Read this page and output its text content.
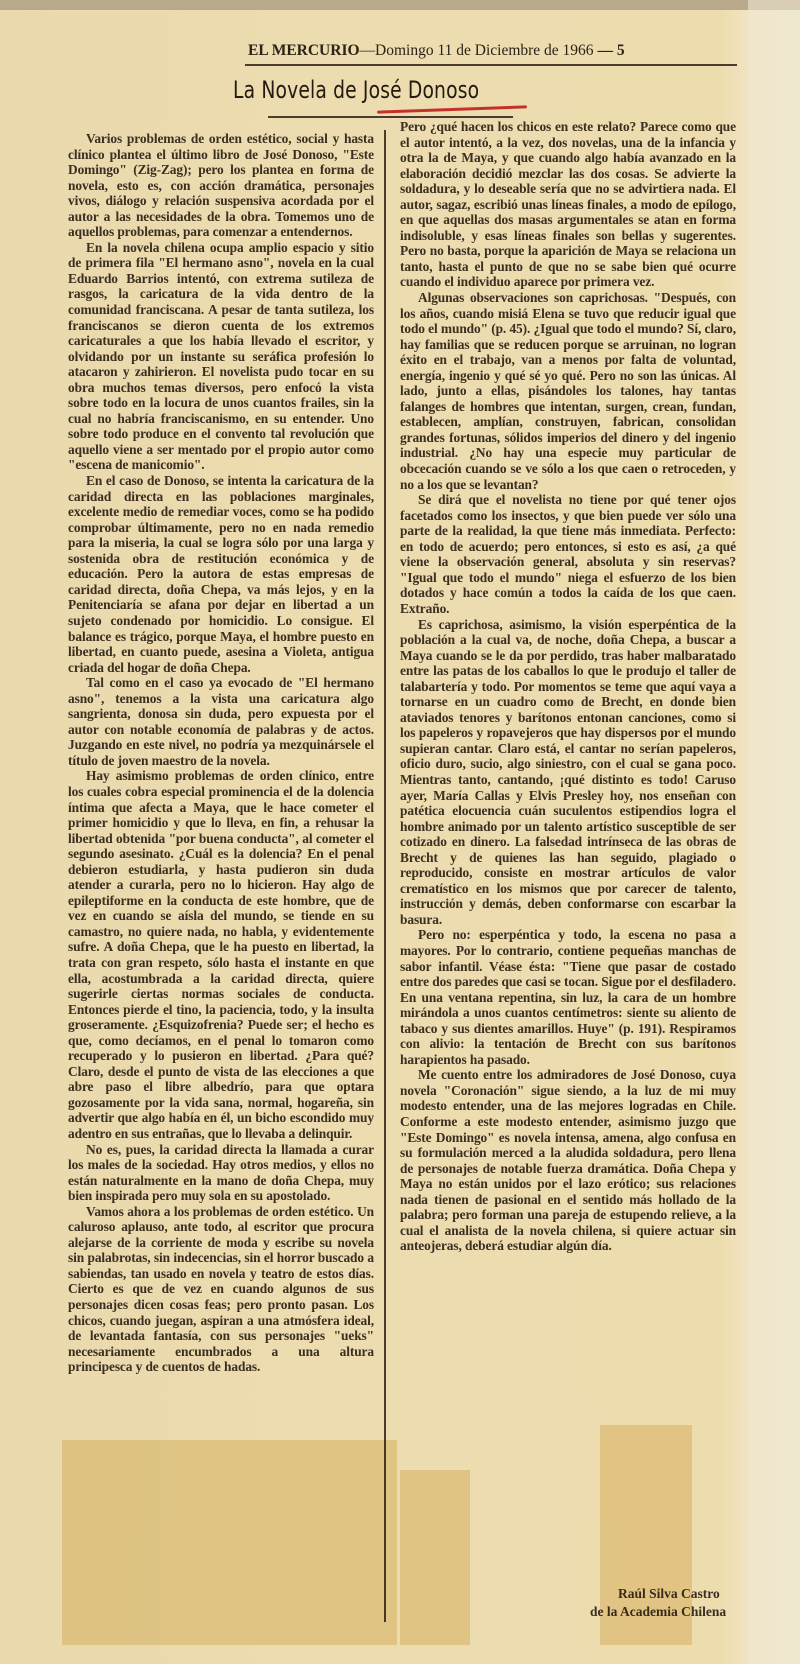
EL MERCURIO—Domingo 11 de Diciembre de 1966 — 5
La Novela de José Donoso

Varios problemas de orden estético, social y hasta clínico plantea el último libro de José Donoso, "Este Domingo" (Zig-Zag); pero los plantea en forma de novela, esto es, con acción dramática, personajes vivos, diálogo y relación suspensiva acordada por el autor a las necesidades de la obra. Tomemos uno de aquellos problemas, para comenzar a entendernos.

En la novela chilena ocupa amplio espacio y sitio de primera fila "El hermano asno", novela en la cual Eduardo Barrios intentó, con extrema sutileza de rasgos, la caricatura de la vida dentro de la comunidad franciscana. A pesar de tanta sutileza, los franciscanos se dieron cuenta de los extremos caricaturales a que los había llevado el escritor, y olvidando por un instante su seráfica profesión lo atacaron y zahirieron. El novelista pudo tocar en su obra muchos temas diversos, pero enfocó la vista sobre todo en la locura de unos cuantos frailes, sin la cual no habría franciscanismo, en su entender. Uno sobre todo produce en el convento tal revolución que aquello viene a ser mentado por el propio autor como "escena de manicomio".

En el caso de Donoso, se intenta la caricatura de la caridad directa en las poblaciones marginales, excelente medio de remediar voces, como se ha podido comprobar últimamente, pero no en nada remedio para la miseria, la cual se logra sólo por una larga y sostenida obra de restitución económica y de educación. Pero la autora de estas empresas de caridad directa, doña Chepa, va más lejos, y en la Penitenciaría se afana por dejar en libertad a un sujeto condenado por homicidio. Lo consigue. El balance es trágico, porque Maya, el hombre puesto en libertad, en cuanto puede, asesina a Violeta, antigua criada del hogar de doña Chepa.

Tal como en el caso ya evocado de "El hermano asno", tenemos a la vista una caricatura algo sangrienta, donosa sin duda, pero expuesta por el autor con notable economía de palabras y de actos. Juzgando en este nivel, no podría ya mezquinársele el título de joven maestro de la novela.

Hay asimismo problemas de orden clínico, entre los cuales cobra especial prominencia el de la dolencia íntima que afecta a Maya, que le hace cometer el primer homicidio y que lo lleva, en fin, a rehusar la libertad obtenida "por buena conducta", al cometer el segundo asesinato. ¿Cuál es la dolencia? En el penal debieron estudiarla, y hasta pudieron sin duda atender a curarla, pero no lo hicieron. Hay algo de epileptiforme en la conducta de este hombre, que de vez en cuando se aísla del mundo, se tiende en su camastro, no quiere nada, no habla, y evidentemente sufre. A doña Chepa, que le ha puesto en libertad, la trata con gran respeto, sólo hasta el instante en que ella, acostumbrada a la caridad directa, quiere sugerirle ciertas normas sociales de conducta. Entonces pierde el tino, la paciencia, todo, y la insulta groseramente. ¿Esquizofrenia? Puede ser; el hecho es que, como decíamos, en el penal lo tomaron como recuperado y lo pusieron en libertad. ¿Para qué? Claro, desde el punto de vista de las elecciones a que abre paso el libre albedrío, para que optara gozosamente por la vida sana, normal, hogareña, sin advertir que algo había en él, un bicho escondido muy adentro en sus entrañas, que lo llevaba a delinquir.

No es, pues, la caridad directa la llamada a curar los males de la sociedad. Hay otros medios, y ellos no están naturalmente en la mano de doña Chepa, muy bien inspirada pero muy sola en su apostolado.

Vamos ahora a los problemas de orden estético. Un caluroso aplauso, ante todo, al escritor que procura alejarse de la corriente de moda y escribe su novela sin palabrotas, sin indecencias, sin el horror buscado a sabiendas, tan usado en novela y teatro de estos días. Cierto es que de vez en cuando algunos de sus personajes dicen cosas feas; pero pronto pasan. Los chicos, cuando juegan, aspiran a una atmósfera ideal, de levantada fantasía, con sus personajes "ueks" necesariamente encumbrados a una altura principesca y de cuentos de hadas.

Pero ¿qué hacen los chicos en este relato? Parece como que el autor intentó, a la vez, dos novelas, una de la infancia y otra la de Maya, y que cuando algo había avanzado en la elaboración decidió mezclar las dos cosas. Se advierte la soldadura, y lo deseable sería que no se advirtiera nada. El autor, sagaz, escribió unas líneas finales, a modo de epílogo, en que aquellas dos masas argumentales se atan en forma indisoluble, y esas líneas finales son bellas y sugerentes. Pero no basta, porque la aparición de Maya se relaciona un tanto, hasta el punto de que no se sabe bien qué ocurre cuando el individuo aparece por primera vez.

Algunas observaciones son caprichosas. "Después, con los años, cuando misiá Elena se tuvo que reducir igual que todo el mundo" (p. 45). ¿Igual que todo el mundo? Sí, claro, hay familias que se reducen porque se arruinan, no logran éxito en el trabajo, van a menos por falta de voluntad, energía, ingenio y qué sé yo qué. Pero no son las únicas. Al lado, junto a ellas, pisándoles los talones, hay tantas falanges de hombres que intentan, surgen, crean, fundan, establecen, amplían, construyen, fabrican, consolidan grandes fortunas, sólidos imperios del dinero y del ingenio industrial. ¿No hay una especie muy particular de obcecación cuando se ve sólo a los que caen o retroceden, y no a los que se levantan?

Se dirá que el novelista no tiene por qué tener ojos facetados como los insectos, y que bien puede ver sólo una parte de la realidad, la que tiene más inmediata. Perfecto: en todo de acuerdo; pero entonces, si esto es así, ¿a qué viene la observación general, absoluta y sin reservas? "Igual que todo el mundo" niega el esfuerzo de los bien dotados y hace común a todos la caída de los que caen. Extraño.

Es caprichosa, asimismo, la visión esperpéntica de la población a la cual va, de noche, doña Chepa, a buscar a Maya cuando se le da por perdido, tras haber malbaratado entre las patas de los caballos lo que le produjo el taller de talabartería y todo. Por momentos se teme que aquí vaya a tornarse en un cuadro como de Brecht, en donde bien ataviados tenores y barítonos entonan canciones, como si los papeleros y ropavejeros que hay dispersos por el mundo supieran cantar. Claro está, el cantar no serían papeleros, oficio duro, sucio, algo siniestro, con el cual se gana poco. Mientras tanto, cantando, ¡qué distinto es todo! Caruso ayer, María Callas y Elvis Presley hoy, nos enseñan con patética elocuencia cuán suculentos estipendios logra el hombre animado por un talento artístico susceptible de ser cotizado en dinero. La falsedad intrínseca de las obras de Brecht y de quienes las han seguido, plagiado o reproducido, consiste en mostrar artículos de valor crematístico en los mismos que por carecer de talento, instrucción y demás, deben conformarse con escarbar la basura.

Pero no: esperpéntica y todo, la escena no pasa a mayores. Por lo contrario, contiene pequeñas manchas de sabor infantil. Véase ésta: "Tiene que pasar de costado entre dos paredes que casi se tocan. Sigue por el desfiladero. En una ventana repentina, sin luz, la cara de un hombre mirándola a unos cuantos centímetros: siente su aliento de tabaco y sus dientes amarillos. Huye" (p. 191). Respiramos con alivio: la tentación de Brecht con sus barítonos harapientos ha pasado.

Me cuento entre los admiradores de José Donoso, cuya novela "Coronación" sigue siendo, a la luz de mi muy modesto entender, una de las mejores logradas en Chile. Conforme a este modesto entender, asimismo juzgo que "Este Domingo" es novela intensa, amena, algo confusa en su formulación merced a la aludida soldadura, pero llena de personajes de notable fuerza dramática. Doña Chepa y Maya no están unidos por el lazo erótico; sus relaciones nada tienen de pasional en el sentido más hollado de la palabra; pero forman una pareja de estupendo relieve, a la cual el analista de la novela chilena, si quiere actuar sin anteojeras, deberá estudiar algún día.

Raúl Silva Castro
de la Academia Chilena
